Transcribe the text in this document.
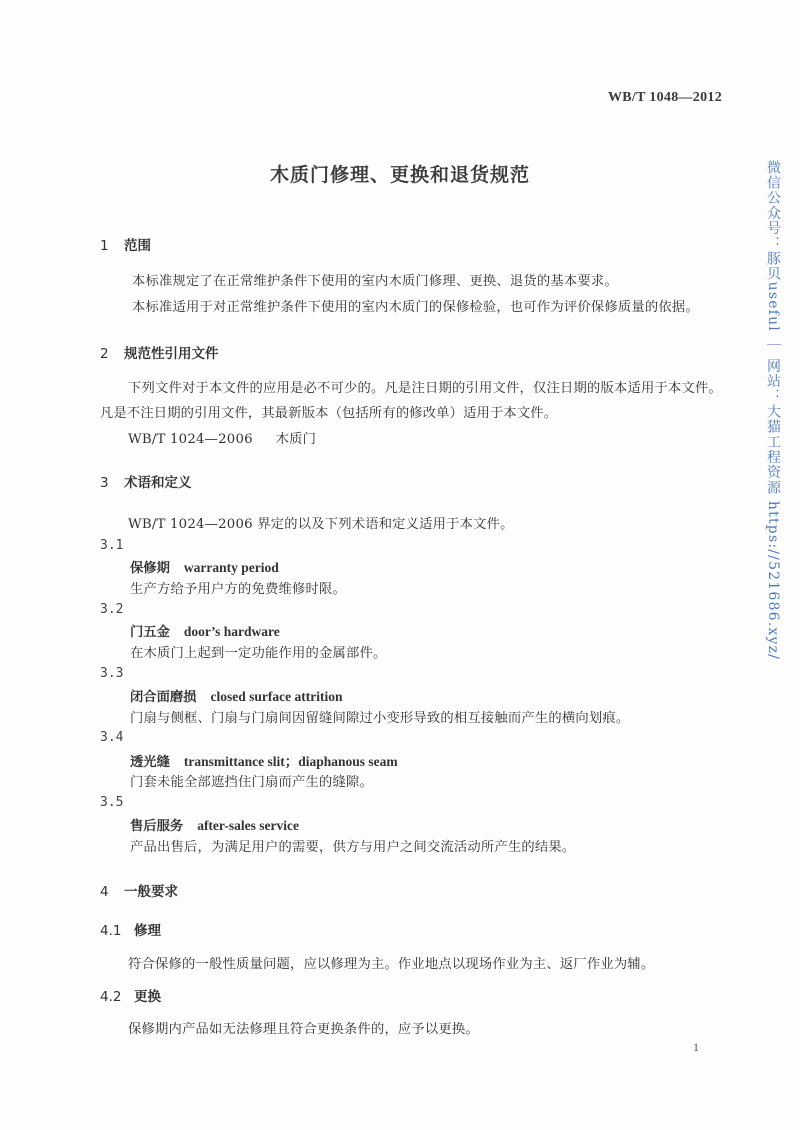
WB/T 1048—2012
木质门修理、更换和退货规范
1 范围
本标准规定了在正常维护条件下使用的室内木质门修理、更换、退货的基本要求。
本标准适用于对正常维护条件下使用的室内木质门的保修检验，也可作为评价保修质量的依据。
2 规范性引用文件
下列文件对于本文件的应用是必不可少的。凡是注日期的引用文件，仅注日期的版本适用于本文件。凡是不注日期的引用文件，其最新版本（包括所有的修改单）适用于本文件。
WB/T 1024—2006 木质门
3 术语和定义
WB/T 1024—2006 界定的以及下列术语和定义适用于本文件。
3.1
保修期 warranty period
生产方给予用户方的免费维修时限。
3.2
门五金 door’s hardware
在木质门上起到一定功能作用的金属部件。
3.3
闭合面磨损 closed surface attrition
门扇与侧框、门扇与门扇间因留缝间隙过小变形导致的相互接触而产生的横向划痕。
3.4
透光缝 transmittance slit；diaphanous seam
门套未能全部遮挡住门扇而产生的缝隙。
3.5
售后服务 after-sales service
产品出售后，为满足用户的需要，供方与用户之间交流活动所产生的结果。
4 一般要求
4.1 修理
符合保修的一般性质量问题，应以修理为主。作业地点以现场作业为主、返厂作业为辅。
4.2 更换
保修期内产品如无法修理且符合更换条件的，应予以更换。
1
微信公众号：豚贝useful ｜ 网站：大猫工程资源 https://521686.xyz/
